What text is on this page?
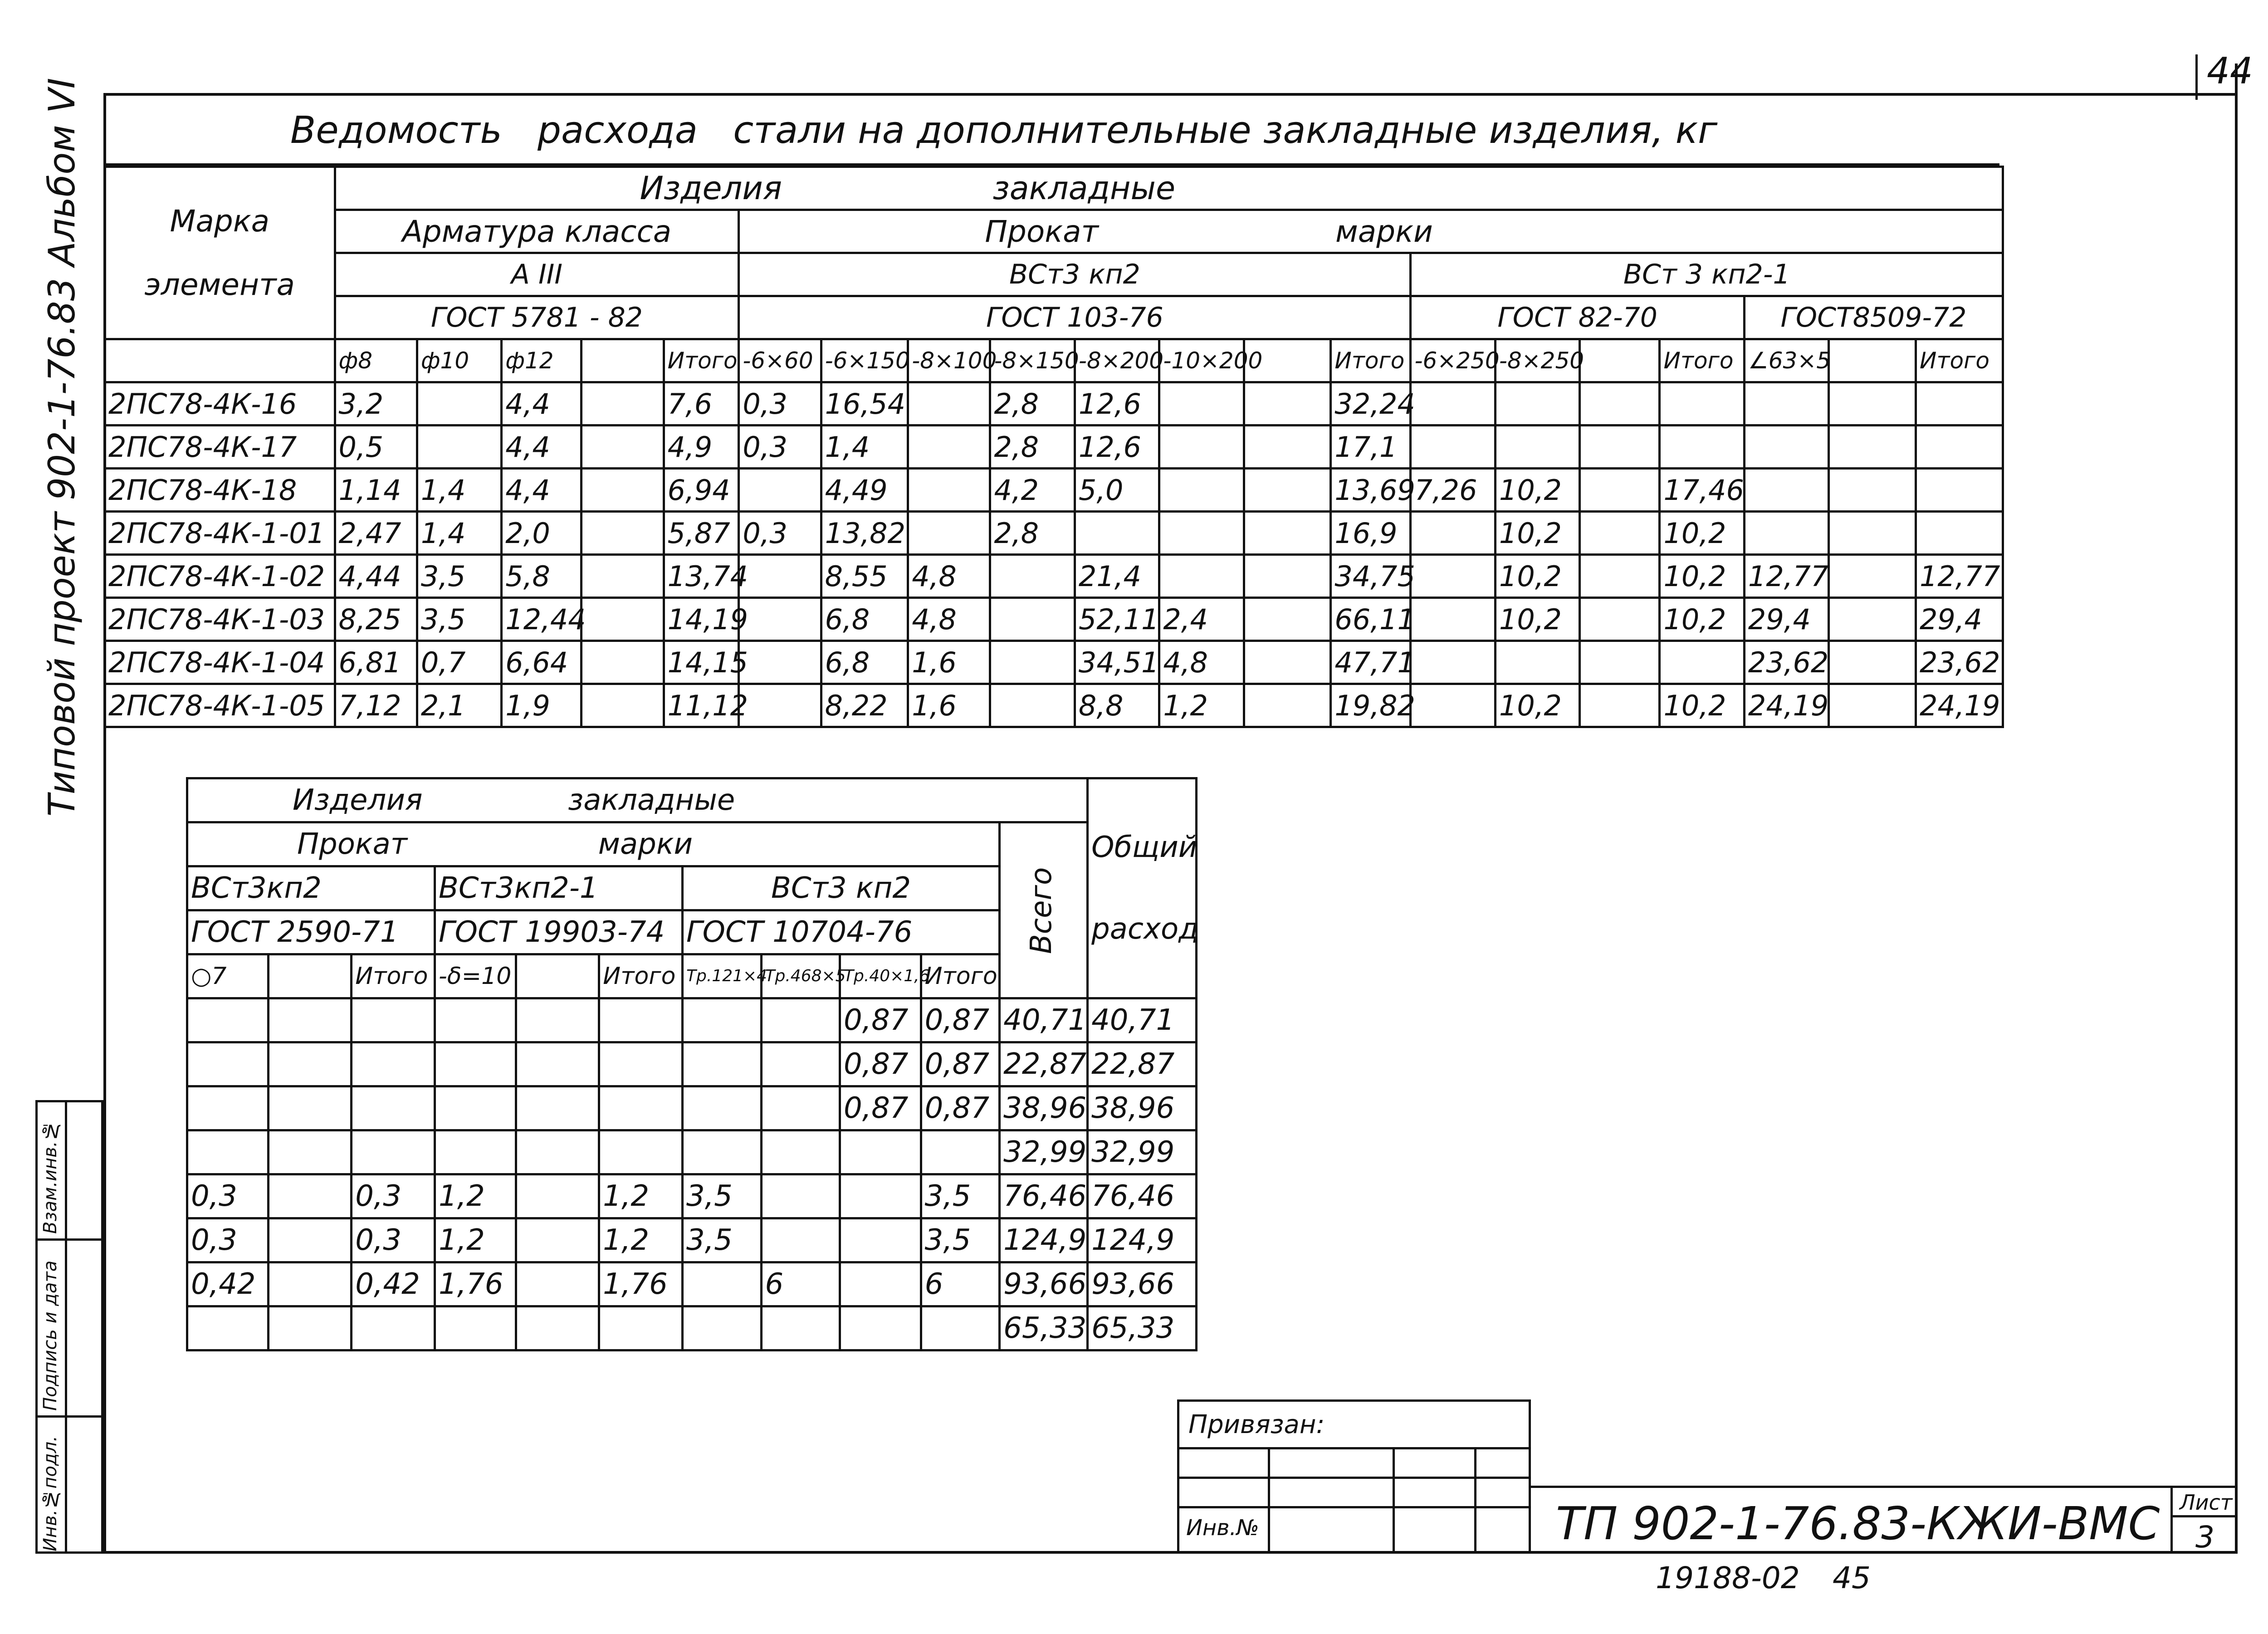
44
Ведомость   расхода   стали на дополнительные закладные изделия, кг
Типовой проект 902-1-76.83 Альбом VI
Инв.№подл.
Подпись и дата
Взам.инв.№
Марка элемента	Изделия закладные																			
	Арматура класса					Прокат марки														
	А III					ВСт3 кп2								ВСт 3 кп2-1						
	ГОСТ 5781 - 82					ГОСТ 103-76								ГОСТ 82-70				ГОСТ8509-72		
	ф8	ф10	ф12		Итого	-6×60	-6×150	-8×100	-8×150	-8×200	-10×200		Итого	-6×250	-8×250		Итого	∠63×5		Итого
2ПС78-4К-16	3,2		4,4		7,6	0,3	16,54		2,8	12,6			32,24							
2ПС78-4К-17	0,5		4,4		4,9	0,3	1,4		2,8	12,6			17,1							
2ПС78-4К-18	1,14	1,4	4,4		6,94		4,49		4,2	5,0			13,69	7,26	10,2		17,46			
2ПС78-4К-1-01	2,47	1,4	2,0		5,87	0,3	13,82		2,8				16,9		10,2		10,2			
2ПС78-4К-1-02	4,44	3,5	5,8		13,74		8,55	4,8		21,4			34,75		10,2		10,2	12,77		12,77
2ПС78-4К-1-03	8,25	3,5	12,44		14,19		6,8	4,8		52,11	2,4		66,11		10,2		10,2	29,4		29,4
2ПС78-4К-1-04	6,81	0,7	6,64		14,15		6,8	1,6		34,51	4,8		47,71					23,62		23,62
2ПС78-4К-1-05	7,12	2,1	1,9		11,12		8,22	1,6		8,8	1,2		19,82		10,2		10,2	24,19		24,19
Изделия закладные											Общий
расход
Прокат марки										Всего	

ВСт3кп2			ВСт3кп2-1			ВСт3 кп2					
ГОСТ 2590-71			ГОСТ 19903-74			ГОСТ 10704-76					
○7		Итого	-δ=10		Итого	Тр.121×4	Тр.468×5	Тр.40×1,6	Итого		
								0,87	0,87	40,71	40,71
								0,87	0,87	22,87	22,87
								0,87	0,87	38,96	38,96
										32,99	32,99
0,3		0,3	1,2		1,2	3,5			3,5	76,46	76,46
0,3		0,3	1,2		1,2	3,5			3,5	124,9	124,9
0,42		0,42	1,76		1,76		6		6	93,66	93,66
										65,33	65,33
Привязан:
Инв.№	ТП 902-1-76.83-КЖИ-ВМС Лист
3
19188-02 45
